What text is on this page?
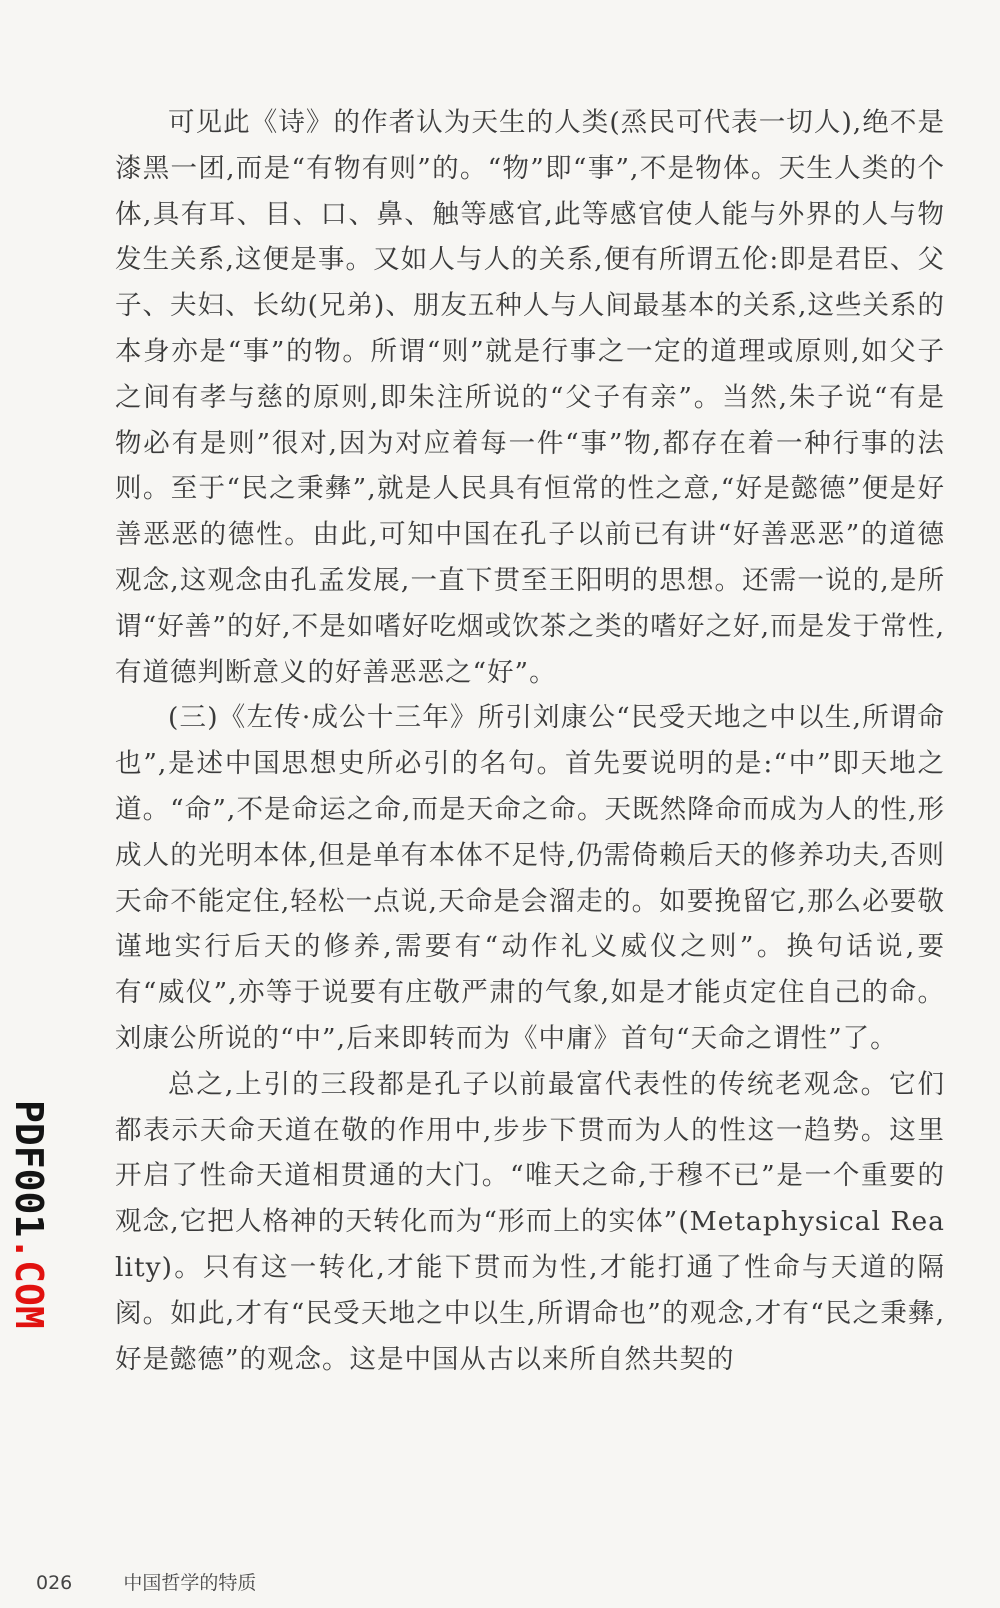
可见此《诗》的作者认为天生的人类(烝民可代表一切人),绝不是漆黑一团,而是“有物有则”的。“物”即“事”,不是物体。天生人类的个体,具有耳、目、口、鼻、触等感官,此等感官使人能与外界的人与物发生关系,这便是事。又如人与人的关系,便有所谓五伦:即是君臣、父子、夫妇、长幼(兄弟)、朋友五种人与人间最基本的关系,这些关系的本身亦是“事”的物。所谓“则”就是行事之一定的道理或原则,如父子之间有孝与慈的原则,即朱注所说的“父子有亲”。当然,朱子说“有是物必有是则”很对,因为对应着每一件“事”物,都存在着一种行事的法则。至于“民之秉彝”,就是人民具有恒常的性之意,“好是懿德”便是好善恶恶的德性。由此,可知中国在孔子以前已有讲“好善恶恶”的道德观念,这观念由孔孟发展,一直下贯至王阳明的思想。还需一说的,是所谓“好善”的好,不是如嗜好吃烟或饮茶之类的嗜好之好,而是发于常性,有道德判断意义的好善恶恶之“好”。

(三)《左传·成公十三年》所引刘康公“民受天地之中以生,所谓命也”,是述中国思想史所必引的名句。首先要说明的是:“中”即天地之道。“命”,不是命运之命,而是天命之命。天既然降命而成为人的性,形成人的光明本体,但是单有本体不足恃,仍需倚赖后天的修养功夫,否则天命不能定住,轻松一点说,天命是会溜走的。如要挽留它,那么必要敬谨地实行后天的修养,需要有“动作礼义威仪之则”。换句话说,要有“威仪”,亦等于说要有庄敬严肃的气象,如是才能贞定住自己的命。刘康公所说的“中”,后来即转而为《中庸》首句“天命之谓性”了。

总之,上引的三段都是孔子以前最富代表性的传统老观念。它们都表示天命天道在敬的作用中,步步下贯而为人的性这一趋势。这里开启了性命天道相贯通的大门。“唯天之命,于穆不已”是一个重要的观念,它把人格神的天转化而为“形而上的实体”(Metaphysical Reality)。只有这一转化,才能下贯而为性,才能打通了性命与天道的隔阂。如此,才有“民受天地之中以生,所谓命也”的观念,才有“民之秉彝,好是懿德”的观念。这是中国从古以来所自然共契的

PDF001.COM
026	中国哲学的特质
